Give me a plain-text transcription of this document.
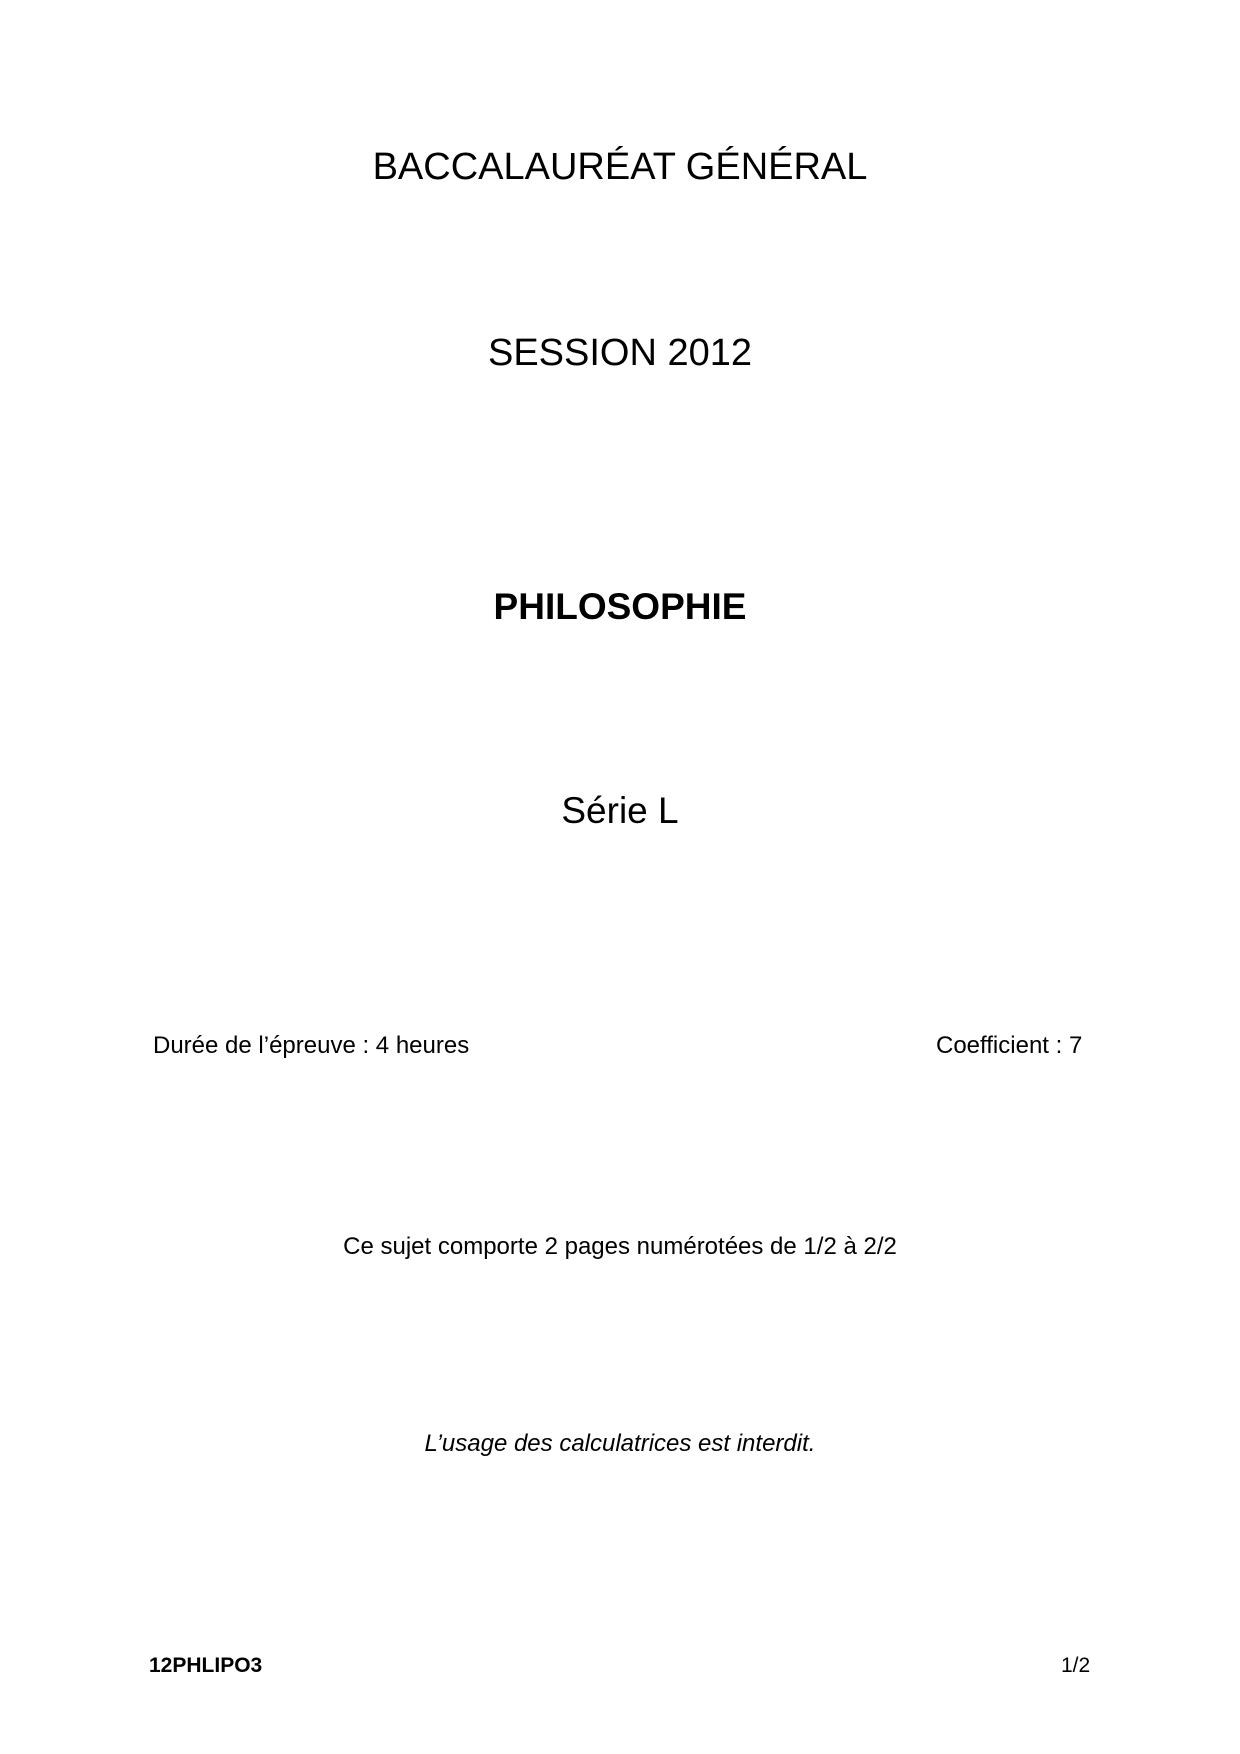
BACCALAURÉAT GÉNÉRAL
SESSION 2012
PHILOSOPHIE
Série L
Durée de l’épreuve : 4 heures	Coefficient : 7
Ce sujet comporte 2 pages numérotées de 1/2 à 2/2
L’usage des calculatrices est interdit.
12PHLIPO3	1/2
